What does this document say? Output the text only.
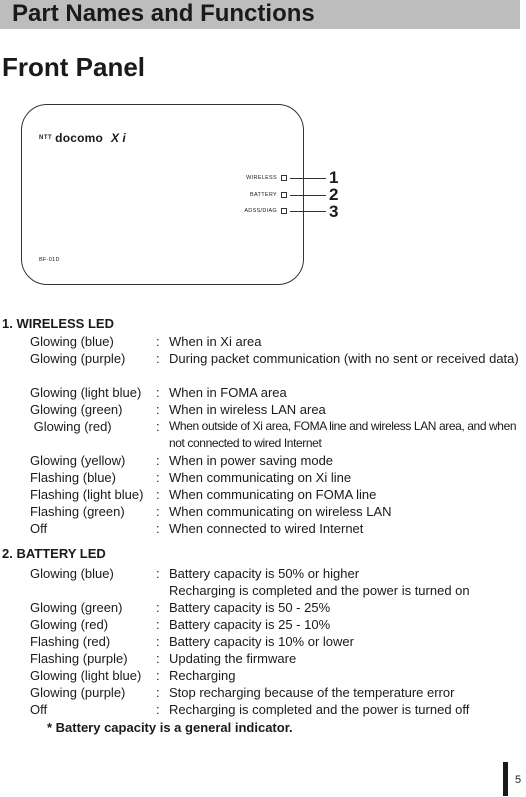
Part Names and Functions
Front Panel
NTT docomo X i
WIRELESS
BATTERY
ADSS/DIAG
BF-01D
1
2
3
1. WIRELESS LED
Glowing (blue)	: When in Xi area
Glowing (purple) : During packet communication (with no sent or received data)
Glowing (light blue) : When in FOMA area
Glowing (green)	: When in wireless LAN area
Glowing (red)	: When outside of Xi area, FOMA line and wireless LAN area, and when not connected to wired Internet
Glowing (yellow) : When in power saving mode
Flashing (blue)	: When communicating on Xi line
Flashing (light blue) : When communicating on FOMA line
Flashing (green) : When communicating on wireless LAN
Off	: When connected to wired Internet
2. BATTERY LED
Glowing (blue)	: Battery capacity is 50% or higher
Recharging is completed and the power is turned on
Glowing (green)	: Battery capacity is 50 - 25%
Glowing (red)	: Battery capacity is 25 - 10%
Flashing (red)	: Battery capacity is 10% or lower
Flashing (purple) : Updating the firmware
Glowing (light blue) : Recharging
Glowing (purple) : Stop recharging because of the temperature error
Off	: Recharging is completed and the power is turned off
* Battery capacity is a general indicator.
5
